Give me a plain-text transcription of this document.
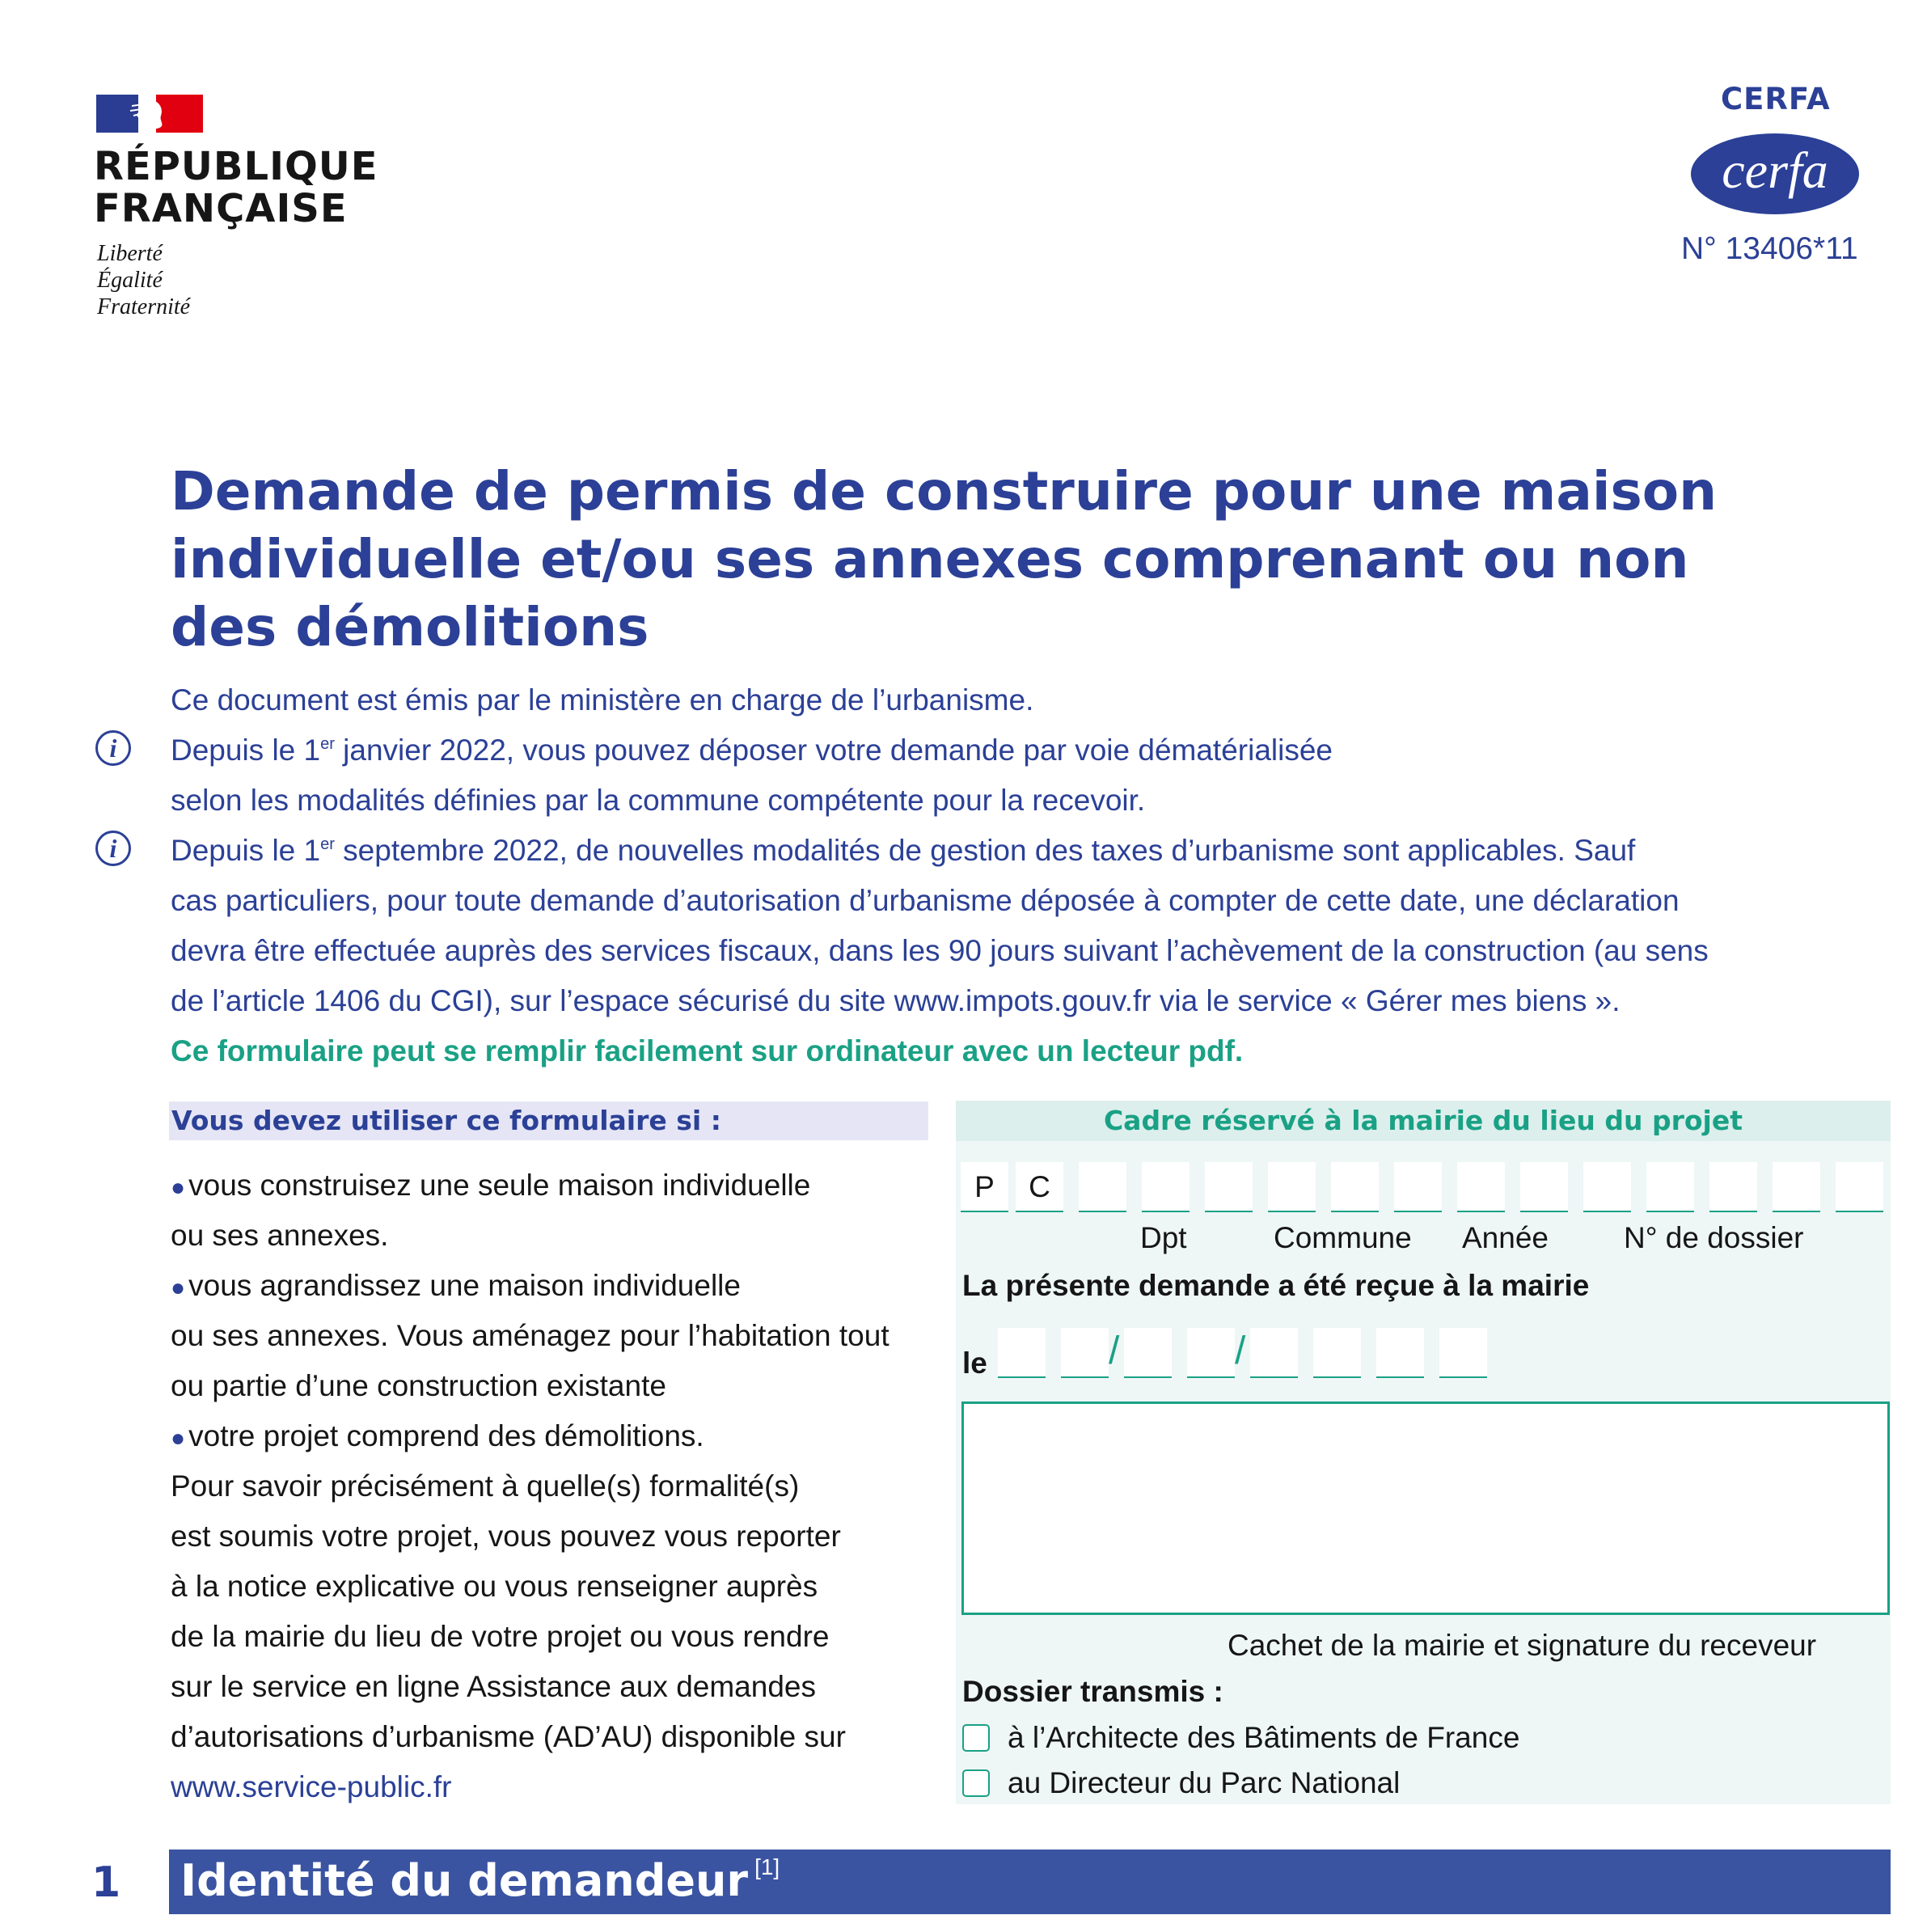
RÉPUBLIQUE
FRANÇAISE
Liberté
Égalité
Fraternité
CERFA
cerfa
N° 13406*11
Demande de permis de construire pour une maison
individuelle et/ou ses annexes comprenant ou non
des démolitions
Ce document est émis par le ministère en charge de l’urbanisme.
i	Depuis le 1er janvier 2022, vous pouvez déposer votre demande par voie dématérialisée
selon les modalités définies par la commune compétente pour la recevoir.
i	Depuis le 1er septembre 2022, de nouvelles modalités de gestion des taxes d’urbanisme sont applicables. Sauf
cas particuliers, pour toute demande d’autorisation d’urbanisme déposée à compter de cette date, une déclaration
devra être effectuée auprès des services fiscaux, dans les 90 jours suivant l’achèvement de la construction (au sens
de l’article 1406 du CGI), sur l’espace sécurisé du site www.impots.gouv.fr via le service « Gérer mes biens ».
Ce formulaire peut se remplir facilement sur ordinateur avec un lecteur pdf.
Vous devez utiliser ce formulaire si :
● vous construisez une seule maison individuelle
ou ses annexes.
● vous agrandissez une maison individuelle
ou ses annexes. Vous aménagez pour l’habitation tout
ou partie d’une construction existante
● votre projet comprend des démolitions.
Pour savoir précisément à quelle(s) formalité(s)
est soumis votre projet, vous pouvez vous reporter
à la notice explicative ou vous renseigner auprès
de la mairie du lieu de votre projet ou vous rendre
sur le service en ligne Assistance aux demandes
d’autorisations d’urbanisme (AD’AU) disponible sur
www.service-public.fr
Cadre réservé à la mairie du lieu du projet
P	C
Dpt	Commune Année	N° de dossier
La présente demande a été reçue à la mairie
le	/	/
Cachet de la mairie et signature du receveur
Dossier transmis :
à l’Architecte des Bâtiments de France
au Directeur du Parc National
1 Identité du demandeur [1]
